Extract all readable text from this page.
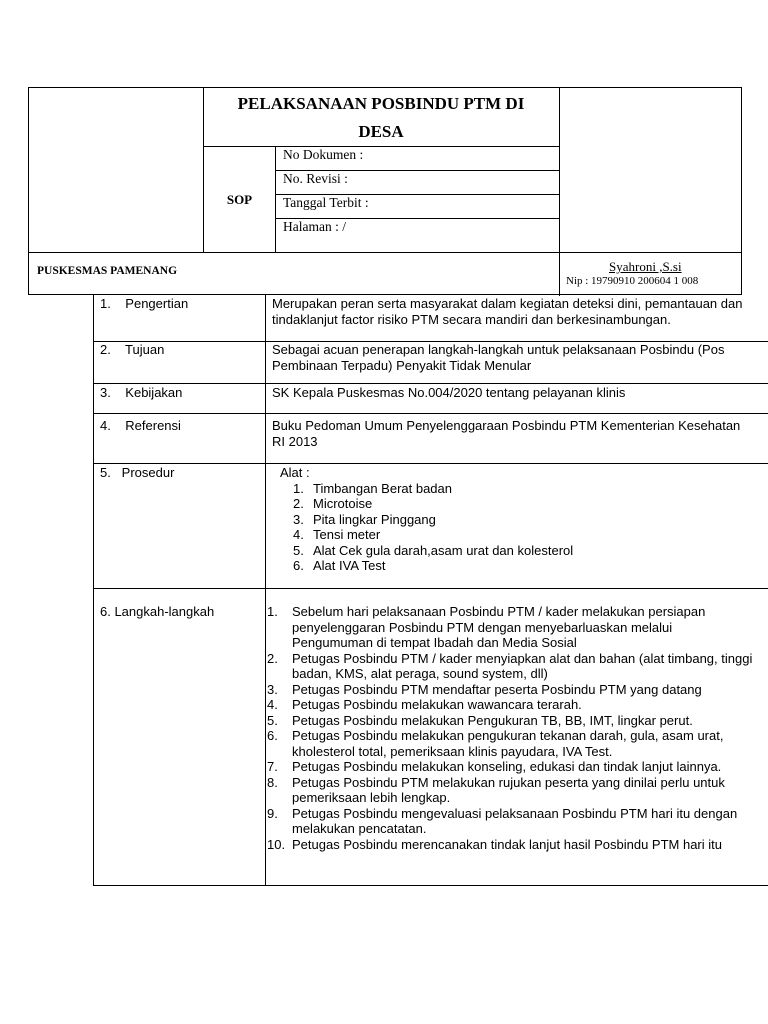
PELAKSANAAN POSBINDU PTM DI
DESA
SOP
No Dokumen :
No. Revisi :
Tanggal Terbit :
Halaman : /
PUSKESMAS PAMENANG	Syahroni ,S.si
Nip : 19790910 200604 1 008
1.    Pengertian	Merupakan peran serta masyarakat dalam kegiatan deteksi dini, pemantauan dan
tindaklanjut factor risiko PTM secara mandiri dan berkesinambungan.
2.    Tujuan	Sebagai acuan penerapan langkah-langkah untuk pelaksanaan Posbindu (Pos
Pembinaan Terpadu) Penyakit Tidak Menular
3.    Kebijakan	SK Kepala Puskesmas No.004/2020 tentang pelayanan klinis
4.    Referensi	Buku Pedoman Umum Penyelenggaraan Posbindu PTM Kementerian Kesehatan
RI 2013
5.   Prosedur	Alat :
1. Timbangan Berat badan
2. Microtoise
3. Pita lingkar Pinggang
4. Tensi meter
5. Alat Cek gula darah,asam urat dan kolesterol
6. Alat IVA Test
6. Langkah-langkah	1. Sebelum hari pelaksanaan Posbindu PTM / kader melakukan persiapan
penyelenggaran Posbindu PTM dengan menyebarluaskan melalui
Pengumuman di tempat Ibadah dan Media Sosial
2. Petugas Posbindu PTM / kader menyiapkan alat dan bahan (alat timbang, tinggi
badan, KMS, alat peraga, sound system, dll)
3. Petugas Posbindu PTM mendaftar peserta Posbindu PTM yang datang
4. Petugas Posbindu melakukan wawancara terarah.
5. Petugas Posbindu melakukan Pengukuran TB, BB, IMT, lingkar perut.
6. Petugas Posbindu melakukan pengukuran tekanan darah, gula, asam urat,
kholesterol total, pemeriksaan klinis payudara, IVA Test.
7. Petugas Posbindu melakukan konseling, edukasi dan tindak lanjut lainnya.
8. Petugas Posbindu PTM melakukan rujukan peserta yang dinilai perlu untuk
pemeriksaan lebih lengkap.
9. Petugas Posbindu mengevaluasi pelaksanaan Posbindu PTM hari itu dengan
melakukan pencatatan.
10. Petugas Posbindu merencanakan tindak lanjut hasil Posbindu PTM hari itu
